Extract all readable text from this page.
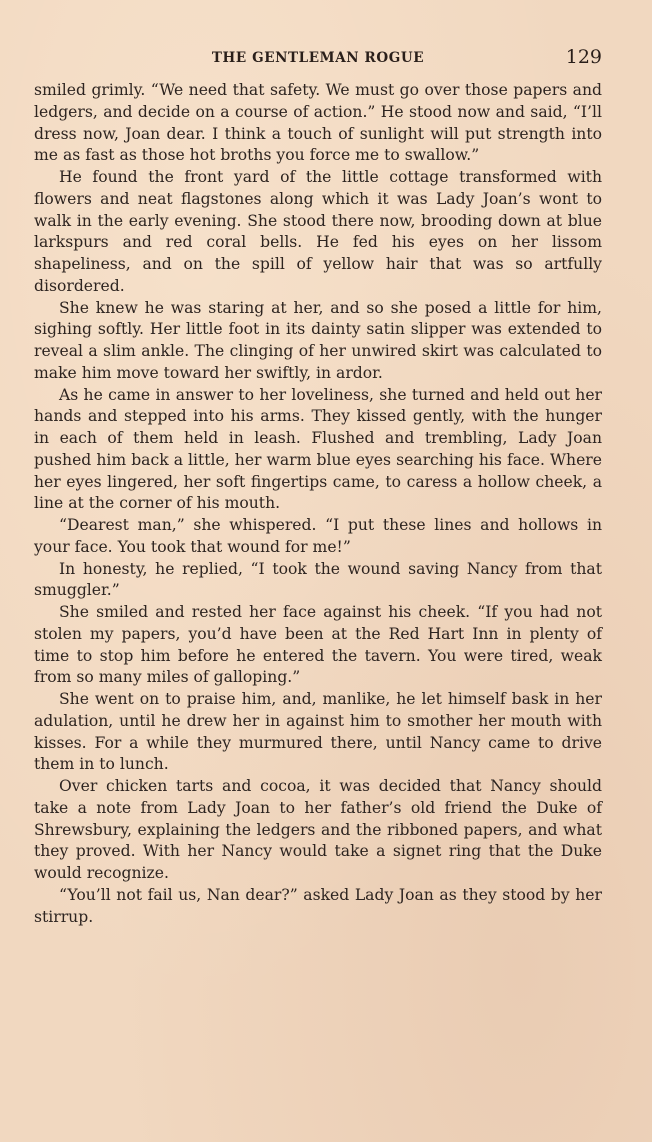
THE GENTLEMAN ROGUE	129

smiled grimly. “We need that safety. We must go over those papers and ledgers, and decide on a course of action.” He stood now and said, “I’ll dress now, Joan dear. I think a touch of sunlight will put strength into me as fast as those hot broths you force me to swallow.”

He found the front yard of the little cottage transformed with flowers and neat flagstones along which it was Lady Joan’s wont to walk in the early evening. She stood there now, brooding down at blue larkspurs and red coral bells. He fed his eyes on her lissom shapeliness, and on the spill of yellow hair that was so artfully disordered.

She knew he was staring at her, and so she posed a little for him, sighing softly. Her little foot in its dainty satin slipper was extended to reveal a slim ankle. The clinging of her unwired skirt was calculated to make him move toward her swiftly, in ardor.

As he came in answer to her loveliness, she turned and held out her hands and stepped into his arms. They kissed gently, with the hunger in each of them held in leash. Flushed and trembling, Lady Joan pushed him back a little, her warm blue eyes searching his face. Where her eyes lingered, her soft fingertips came, to caress a hollow cheek, a line at the corner of his mouth.

“Dearest man,” she whispered. “I put these lines and hollows in your face. You took that wound for me!”

In honesty, he replied, “I took the wound saving Nancy from that smuggler.”

She smiled and rested her face against his cheek. “If you had not stolen my papers, you’d have been at the Red Hart Inn in plenty of time to stop him before he entered the tavern. You were tired, weak from so many miles of galloping.”

She went on to praise him, and, manlike, he let himself bask in her adulation, until he drew her in against him to smother her mouth with kisses. For a while they murmured there, until Nancy came to drive them in to lunch.

Over chicken tarts and cocoa, it was decided that Nancy should take a note from Lady Joan to her father’s old friend the Duke of Shrewsbury, explaining the ledgers and the ribboned papers, and what they proved. With her Nancy would take a signet ring that the Duke would recognize.

“You’ll not fail us, Nan dear?” asked Lady Joan as they stood by her stirrup.
